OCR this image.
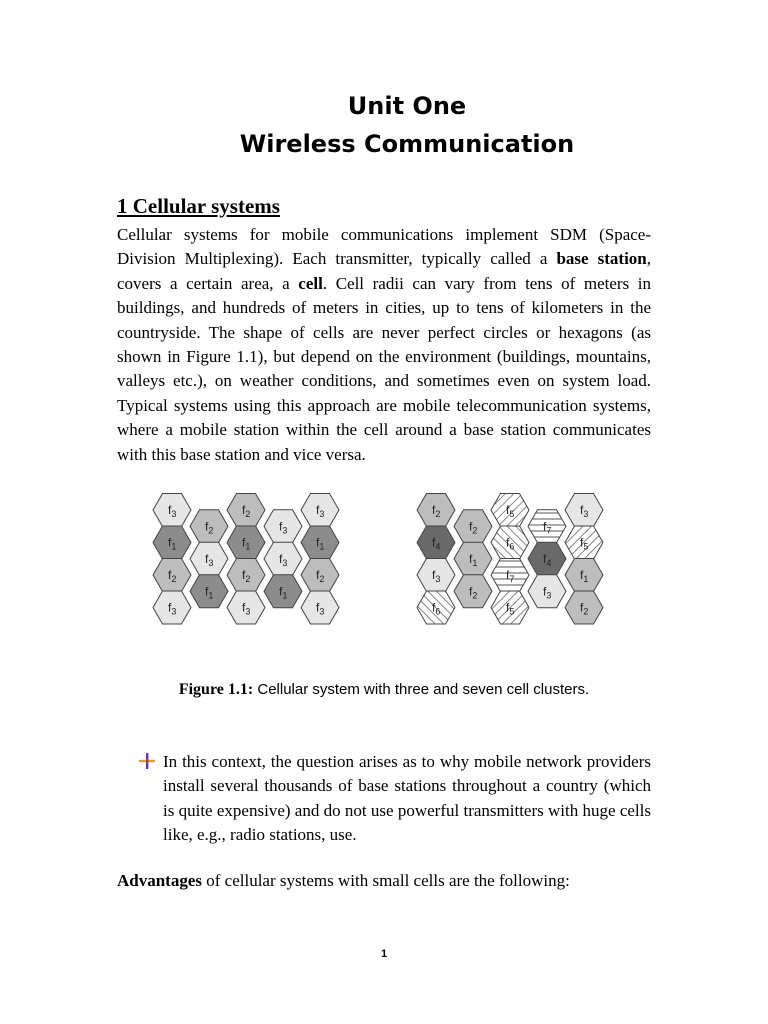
Unit One
Wireless Communication
1 Cellular systems

Cellular systems for mobile communications implement SDM (Space-Division Multiplexing). Each transmitter, typically called a base station, covers a certain area, a cell. Cell radii can vary from tens of meters in buildings, and hundreds of meters in cities, up to tens of kilometers in the countryside. The shape of cells are never perfect circles or hexagons (as shown in Figure 1.1), but depend on the environment (buildings, mountains, valleys etc.), on weather conditions, and sometimes even on system load. Typical systems using this approach are mobile telecommunication systems, where a mobile station within the cell around a base station communicates with this base station and vice versa.

$f_3$	$f_2$	$f_3$
$f_2$	$f_3$
$f_1$	$f_1$	$f_1$
$f_3$	$f_3$
$f_2$	$f_2$	$f_2$
$f_1$	$f_1$
$f_3$	$f_3$	$f_3$
$f_2$	$f_5$	$f_3$
$f_2$	$f_7$
$f_4$	$f_6$	$f_5$
$f_1$	$f_4$
$f_3$	$f_7$	$f_1$
$f_2$	$f_3$
$f_6$	$f_5$	$f_2$

Figure 1.1: Cellular system with three and seven cell clusters.

In this context, the question arises as to why mobile network providers install several thousands of base stations throughout a country (which is quite expensive) and do not use powerful transmitters with huge cells like, e.g., radio stations, use.

Advantages of cellular systems with small cells are the following:

1
